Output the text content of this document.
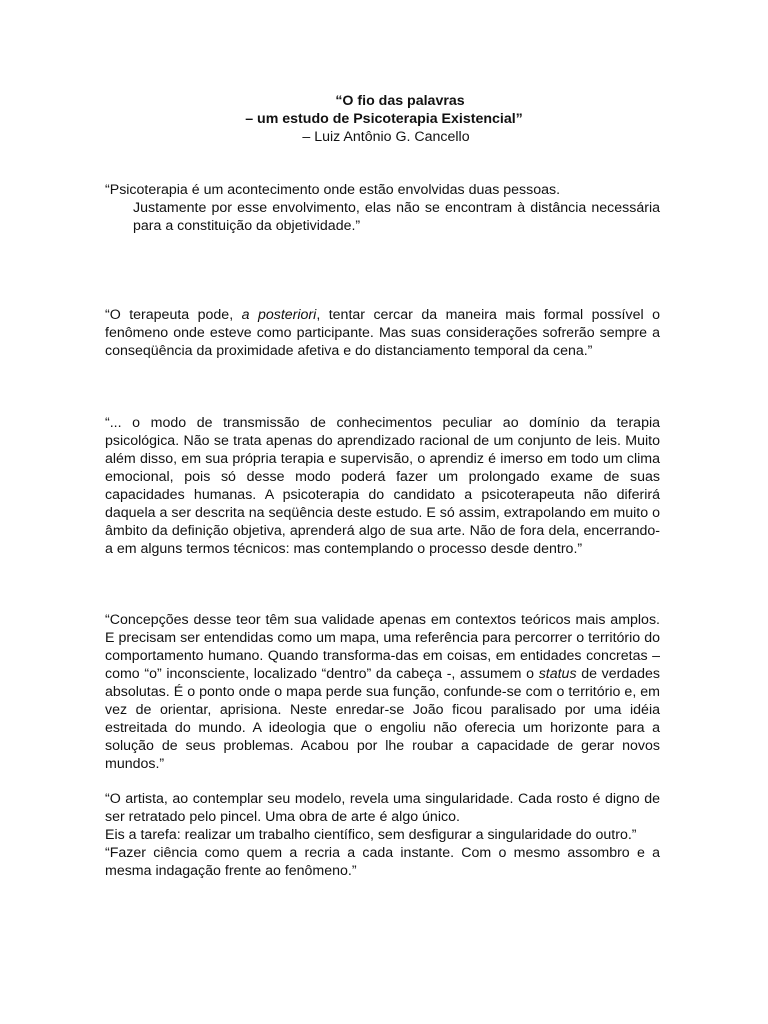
“O fio das palavras
– um estudo de Psicoterapia Existencial”
– Luiz Antônio G. Cancello

“Psicoterapia é um acontecimento onde estão envolvidas duas pessoas.
Justamente por esse envolvimento, elas não se encontram à distância necessária para a constituição da objetividade.”

“O terapeuta pode, a posteriori, tentar cercar da maneira mais formal possível o fenômeno onde esteve como participante. Mas suas considerações sofrerão sempre a conseqüência da proximidade afetiva e do distanciamento temporal da cena.”

“... o modo de transmissão de conhecimentos peculiar ao domínio da terapia psicológica. Não se trata apenas do aprendizado racional de um conjunto de leis. Muito além disso, em sua própria terapia e supervisão, o aprendiz é imerso em todo um clima emocional, pois só desse modo poderá fazer um prolongado exame de suas capacidades humanas. A psicoterapia do candidato a psicoterapeuta não diferirá daquela a ser descrita na seqüência deste estudo. E só assim, extrapolando em muito o âmbito da definição objetiva, aprenderá algo de sua arte. Não de fora dela, encerrando-a em alguns termos técnicos: mas contemplando o processo desde dentro.”

“Concepções desse teor têm sua validade apenas em contextos teóricos mais amplos. E precisam ser entendidas como um mapa, uma referência para percorrer o território do comportamento humano. Quando transforma-das em coisas, em entidades concretas – como “o” inconsciente, localizado “dentro” da cabeça -, assumem o status de verdades absolutas. É o ponto onde o mapa perde sua função, confunde-se com o território e, em vez de orientar, aprisiona. Neste enredar-se João ficou paralisado por uma idéia estreitada do mundo. A ideologia que o engoliu não oferecia um horizonte para a solução de seus problemas. Acabou por lhe roubar a capacidade de gerar novos mundos.”

“O artista, ao contemplar seu modelo, revela uma singularidade. Cada rosto é digno de ser retratado pelo pincel. Uma obra de arte é algo único.
Eis a tarefa: realizar um trabalho científico, sem desfigurar a singularidade do outro.”
“Fazer ciência como quem a recria a cada instante. Com o mesmo assombro e a mesma indagação frente ao fenômeno.”
